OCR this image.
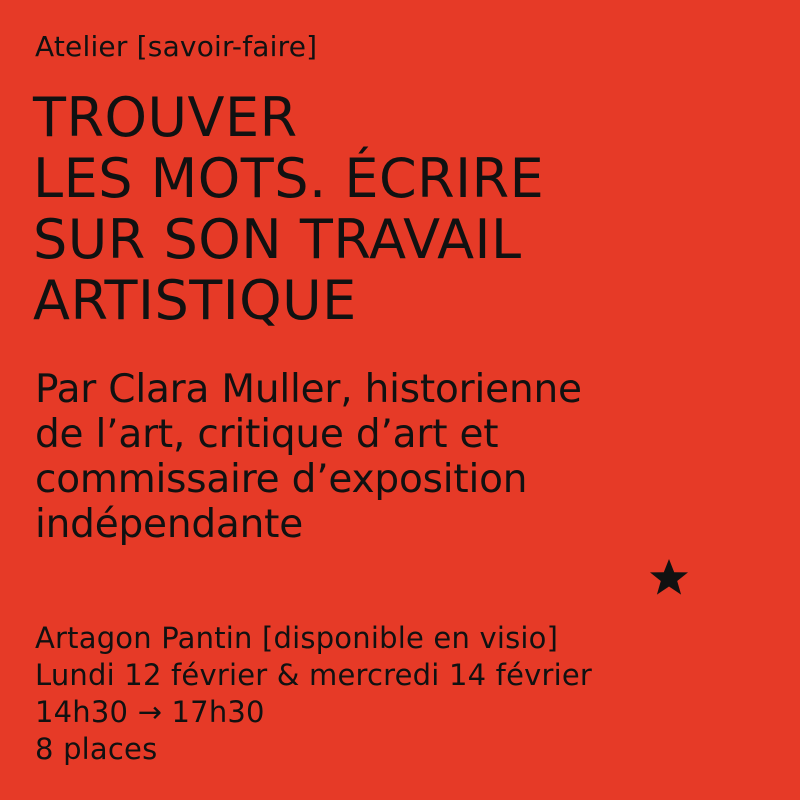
Atelier [savoir-faire]
TROUVER
LES MOTS. ÉCRIRE
SUR SON TRAVAIL
ARTISTIQUE
Par Clara Muller, historienne
de l’art, critique d’art et
commissaire d’exposition
indépendante
Artagon Pantin [disponible en visio]
Lundi 12 février & mercredi 14 février
14h30 → 17h30
8 places
